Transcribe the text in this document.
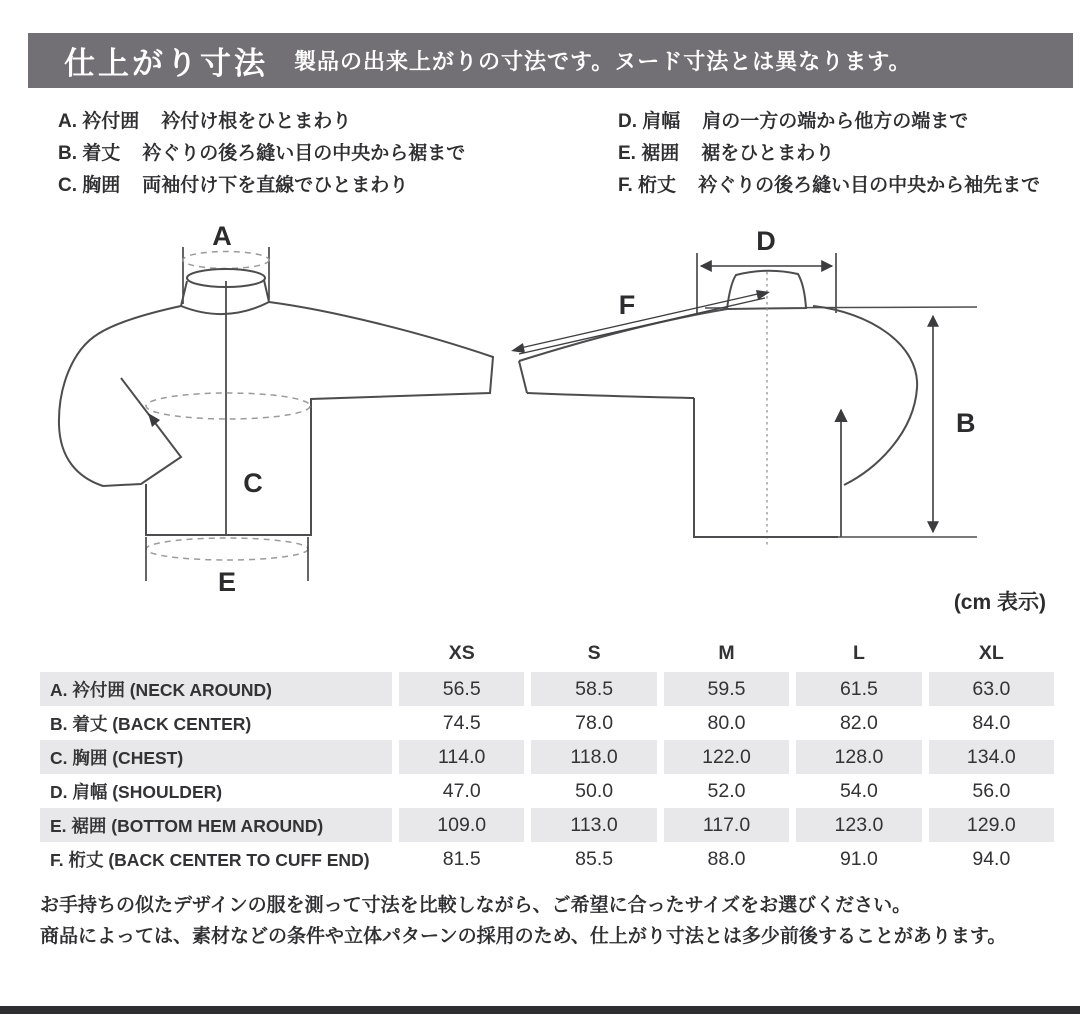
仕上がり寸法 製品の出来上がりの寸法です。ヌード寸法とは異なります。
A. 衿付囲 衿付け根をひとまわり
B. 着丈 衿ぐりの後ろ縫い目の中央から裾まで
C. 胸囲 両袖付け下を直線でひとまわり
D. 肩幅 肩の一方の端から他方の端まで
E. 裾囲 裾をひとまわり
F. 桁丈 衿ぐりの後ろ縫い目の中央から袖先まで
A
B
C
D
E
F
(cm 表示)
XS	S	M	L	XL
A. 衿付囲 (NECK AROUND)	56.5	58.5	59.5	61.5	63.0
B. 着丈 (BACK CENTER)	74.5	78.0	80.0	82.0	84.0
C. 胸囲 (CHEST)	114.0	118.0	122.0	128.0	134.0
D. 肩幅 (SHOULDER)	47.0	50.0	52.0	54.0	56.0
E. 裾囲 (BOTTOM HEM AROUND)	109.0	113.0	117.0	123.0	129.0
F. 桁丈 (BACK CENTER TO CUFF END)	81.5	85.5	88.0	91.0	94.0
お手持ちの似たデザインの服を測って寸法を比較しながら、ご希望に合ったサイズをお選びください。
商品によっては、素材などの条件や立体パターンの採用のため、仕上がり寸法とは多少前後することがあります。
